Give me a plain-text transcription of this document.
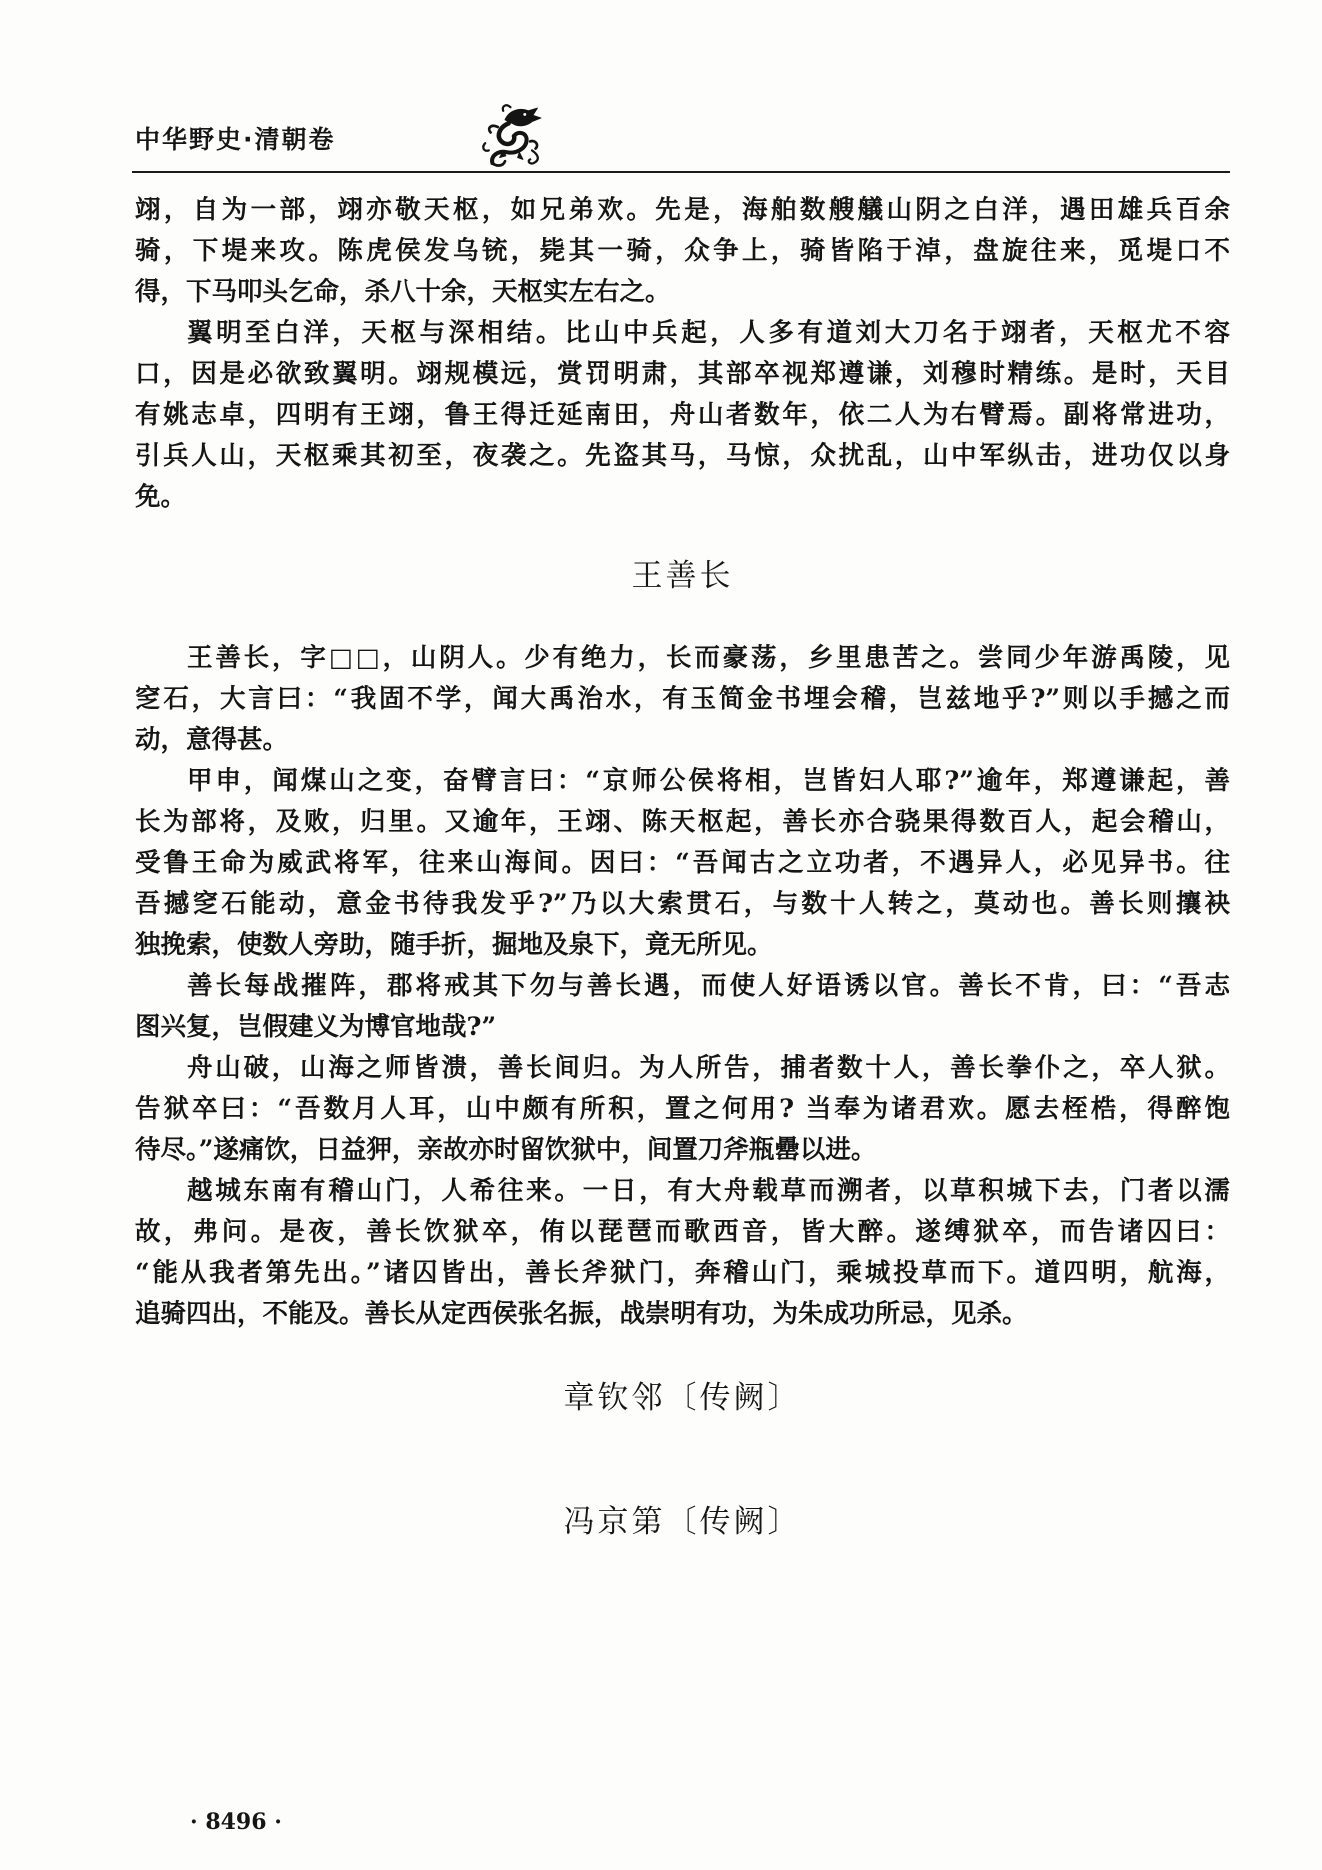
中华野史·清朝卷
翊，自为一部，翊亦敬天枢，如兄弟欢。先是，海舶数艘艤山阴之白洋，遇田雄兵百余
骑，下堤来攻。陈虎侯发乌铳，毙其一骑，众争上，骑皆陷于淖，盘旋往来，觅堤口不
得，下马叩头乞命，杀八十余，天枢实左右之。
翼明至白洋，天枢与深相结。比山中兵起，人多有道刘大刀名于翊者，天枢尤不容
口，因是必欲致翼明。翊规模远，赏罚明肃，其部卒视郑遵谦，刘穆时精练。是时，天目
有姚志卓，四明有王翊，鲁王得迁延南田，舟山者数年，依二人为右臂焉。副将常进功，
引兵人山，天枢乘其初至，夜袭之。先盗其马，马惊，众扰乱，山中军纵击，进功仅以身
免。
王善长
王善长，字□□，山阴人。少有绝力，长而豪荡，乡里患苦之。尝同少年游禹陵，见
窆石，大言曰：“我固不学，闻大禹治水，有玉简金书埋会稽，岂兹地乎?”则以手撼之而
动，意得甚。
甲申，闻煤山之变，奋臂言曰：“京师公侯将相，岂皆妇人耶?”逾年，郑遵谦起，善
长为部将，及败，归里。又逾年，王翊、陈天枢起，善长亦合骁果得数百人，起会稽山，
受鲁王命为威武将军，往来山海间。因曰：“吾闻古之立功者，不遇异人，必见异书。往
吾撼窆石能动，意金书待我发乎?”乃以大索贯石，与数十人转之，莫动也。善长则攘袂
独挽索，使数人旁助，随手折，掘地及泉下，竟无所见。
善长每战摧阵，郡将戒其下勿与善长遇，而使人好语诱以官。善长不肯，曰：“吾志
图兴复，岂假建义为博官地哉?”
舟山破，山海之师皆溃，善长间归。为人所告，捕者数十人，善长拳仆之，卒人狱。
告狱卒曰：“吾数月人耳，山中颇有所积，置之何用? 当奉为诸君欢。愿去桎梏，得醉饱
待尽。”遂痛饮，日益狎，亲故亦时留饮狱中，间置刀斧瓶罍以进。
越城东南有稽山门，人希往来。一日，有大舟载草而溯者，以草积城下去，门者以濡
故，弗问。是夜，善长饮狱卒，侑以琵琶而歌西音，皆大醉。遂缚狱卒，而告诸囚曰：
“能从我者第先出。”诸囚皆出，善长斧狱门，奔稽山门，乘城投草而下。道四明，航海，
追骑四出，不能及。善长从定西侯张名振，战崇明有功，为朱成功所忌，见杀。
章钦邻〔传阙〕
冯京第〔传阙〕
· 8496 ·
